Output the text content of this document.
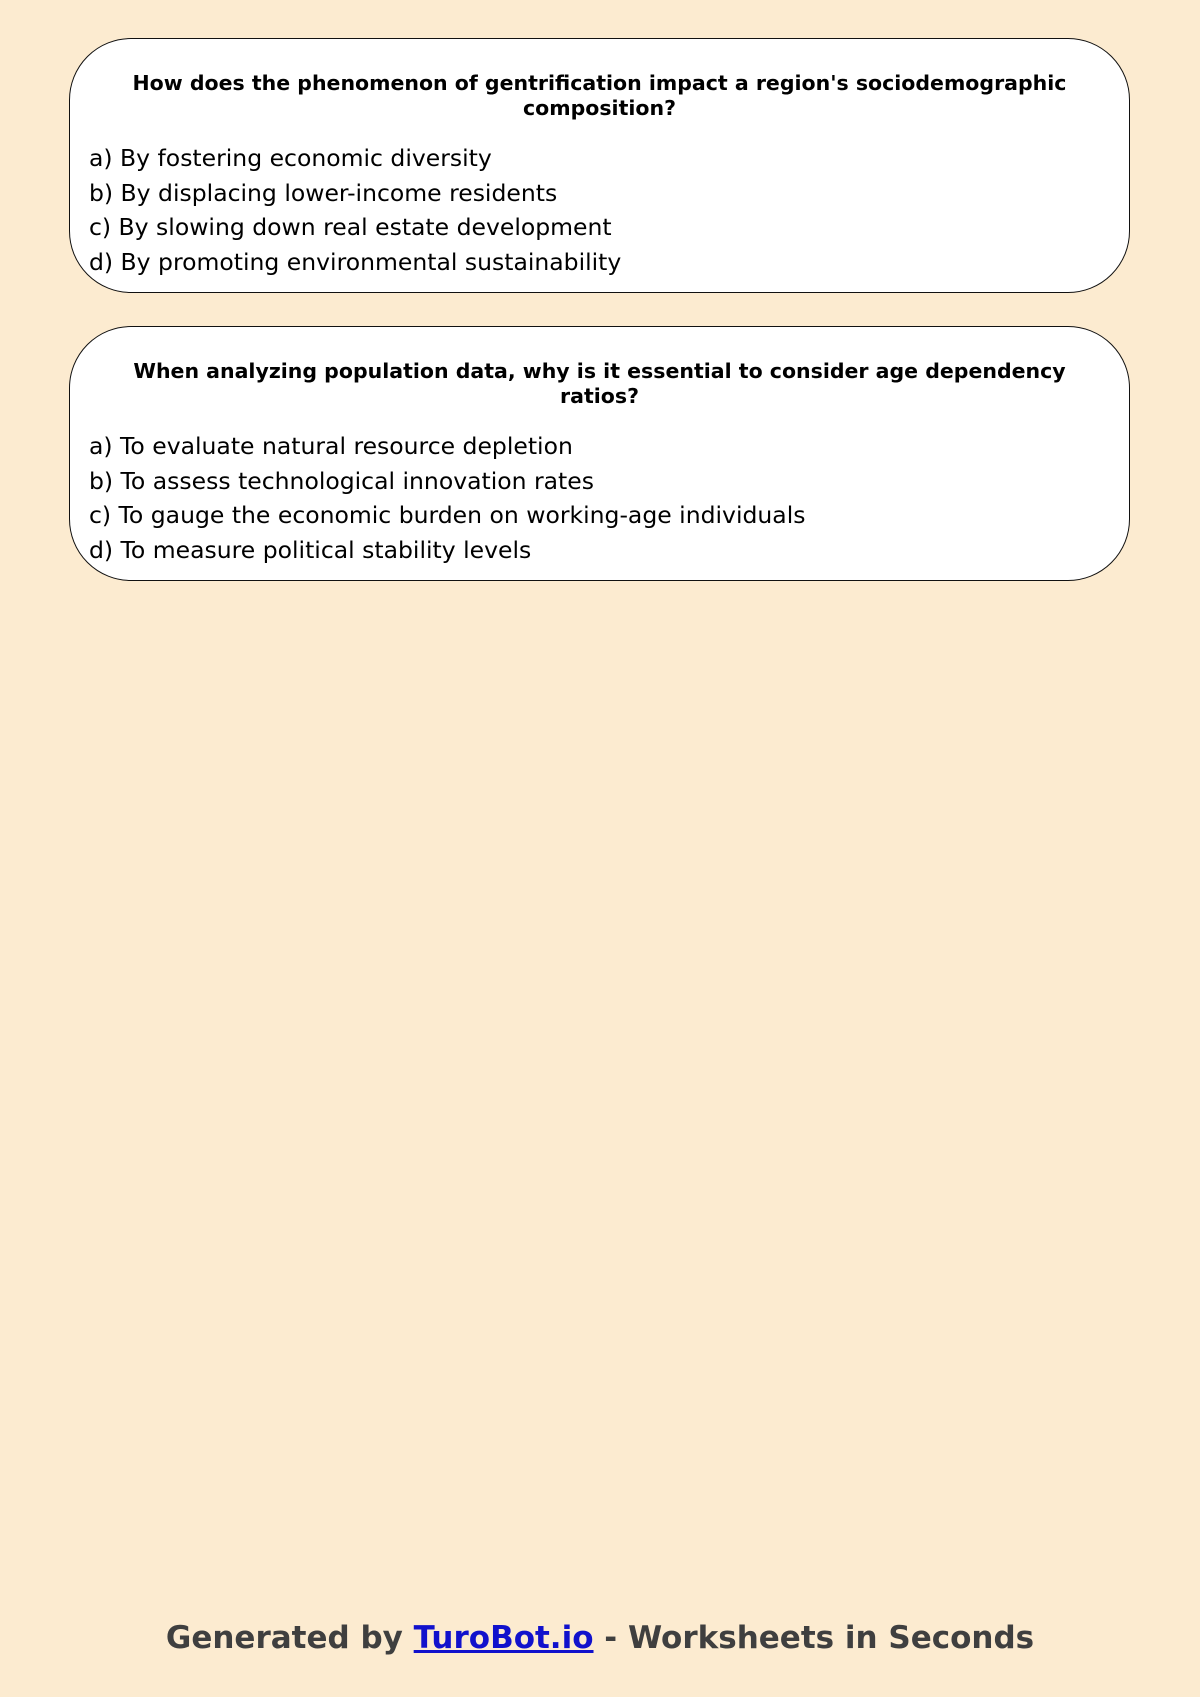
How does the phenomenon of gentrification impact a region's sociodemographic composition?

a) By fostering economic diversity
b) By displacing lower-income residents
c) By slowing down real estate development
d) By promoting environmental sustainability

When analyzing population data, why is it essential to consider age dependency ratios?

a) To evaluate natural resource depletion
b) To assess technological innovation rates
c) To gauge the economic burden on working-age individuals
d) To measure political stability levels
Generated by TuroBot.io - Worksheets in Seconds
